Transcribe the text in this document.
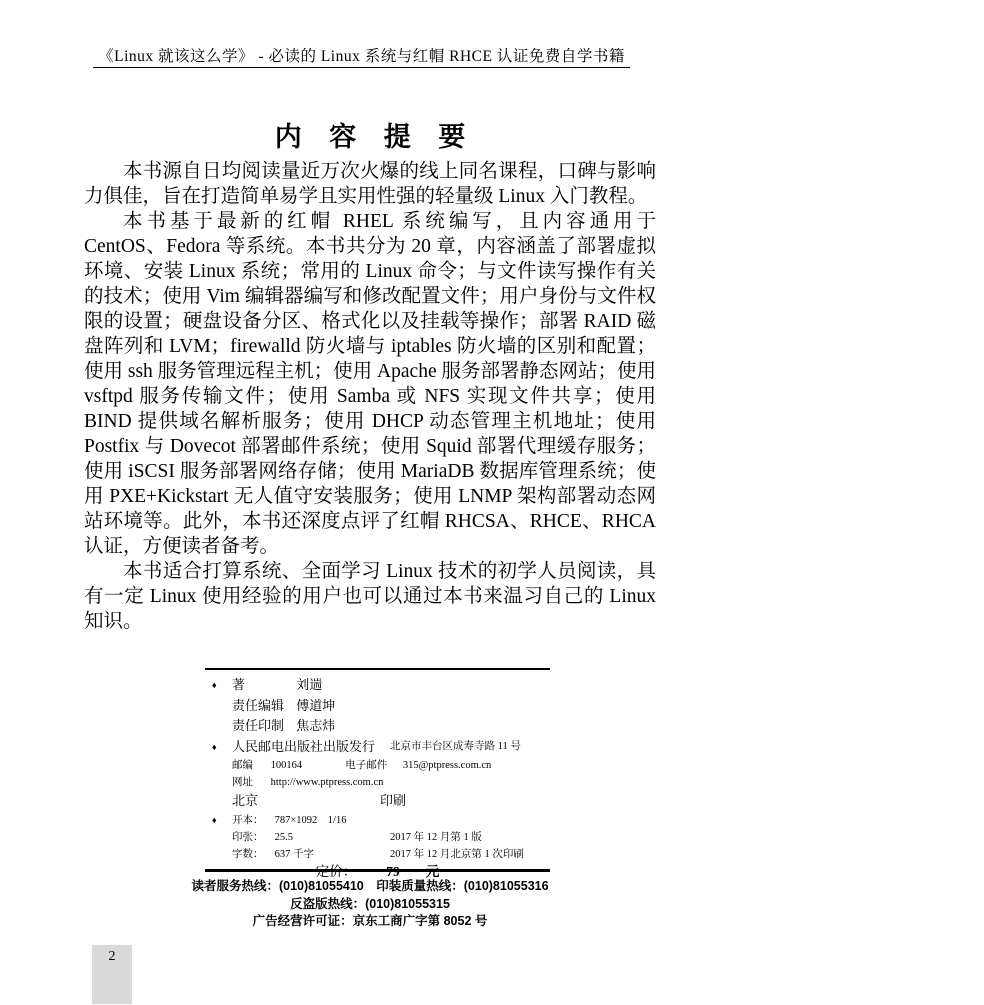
《Linux 就该这么学》 - 必读的 Linux 系统与红帽 RHCE 认证免费自学书籍
内 容 提 要

本书源自日均阅读量近万次火爆的线上同名课程，口碑与影响力俱佳，旨在打造简单易学且实用性强的轻量级 Linux 入门教程。

本书基于最新的红帽 RHEL 系统编写，且内容通用于 CentOS、Fedora 等系统。本书共分为 20 章，内容涵盖了部署虚拟环境、安装 Linux 系统；常用的 Linux 命令；与文件读写操作有关的技术；使用 Vim 编辑器编写和修改配置文件；用户身份与文件权限的设置；硬盘设备分区、格式化以及挂载等操作；部署 RAID 磁盘阵列和 LVM；firewalld 防火墙与 iptables 防火墙的区别和配置；使用 ssh 服务管理远程主机；使用 Apache 服务部署静态网站；使用 vsftpd 服务传输文件；使用 Samba 或 NFS 实现文件共享；使用 BIND 提供域名解析服务；使用 DHCP 动态管理主机地址；使用 Postfix 与 Dovecot 部署邮件系统；使用 Squid 部署代理缓存服务；使用 iSCSI 服务部署网络存储；使用 MariaDB 数据库管理系统；使用 PXE+Kickstart 无人值守安装服务；使用 LNMP 架构部署动态网站环境等。此外，本书还深度点评了红帽 RHCSA、RHCE、RHCA 认证，方便读者备考。

本书适合打算系统、全面学习 Linux 技术的初学人员阅读，具有一定 Linux 使用经验的用户也可以通过本书来温习自己的 Linux 知识。

♦ 著	刘遄
责任编辑 傅道坤
责任印制 焦志炜
♦ 人民邮电出版社出版发行 北京市丰台区成寿寺路 11 号
邮编 100164	电子邮件 315@ptpress.com.cn
网址 http://www.ptpress.com.cn
北京	印刷
♦ 开本： 787×1092　1/16
印张： 25.5	2017 年 12 月第 1 版
字数： 637 千字	2017 年 12 月北京第 1 次印刷
定价： 79 元
读者服务热线：(010)81055410　印装质量热线：(010)81055316
反盗版热线：(010)81055315
广告经营许可证：京东工商广字第 8052 号
2
